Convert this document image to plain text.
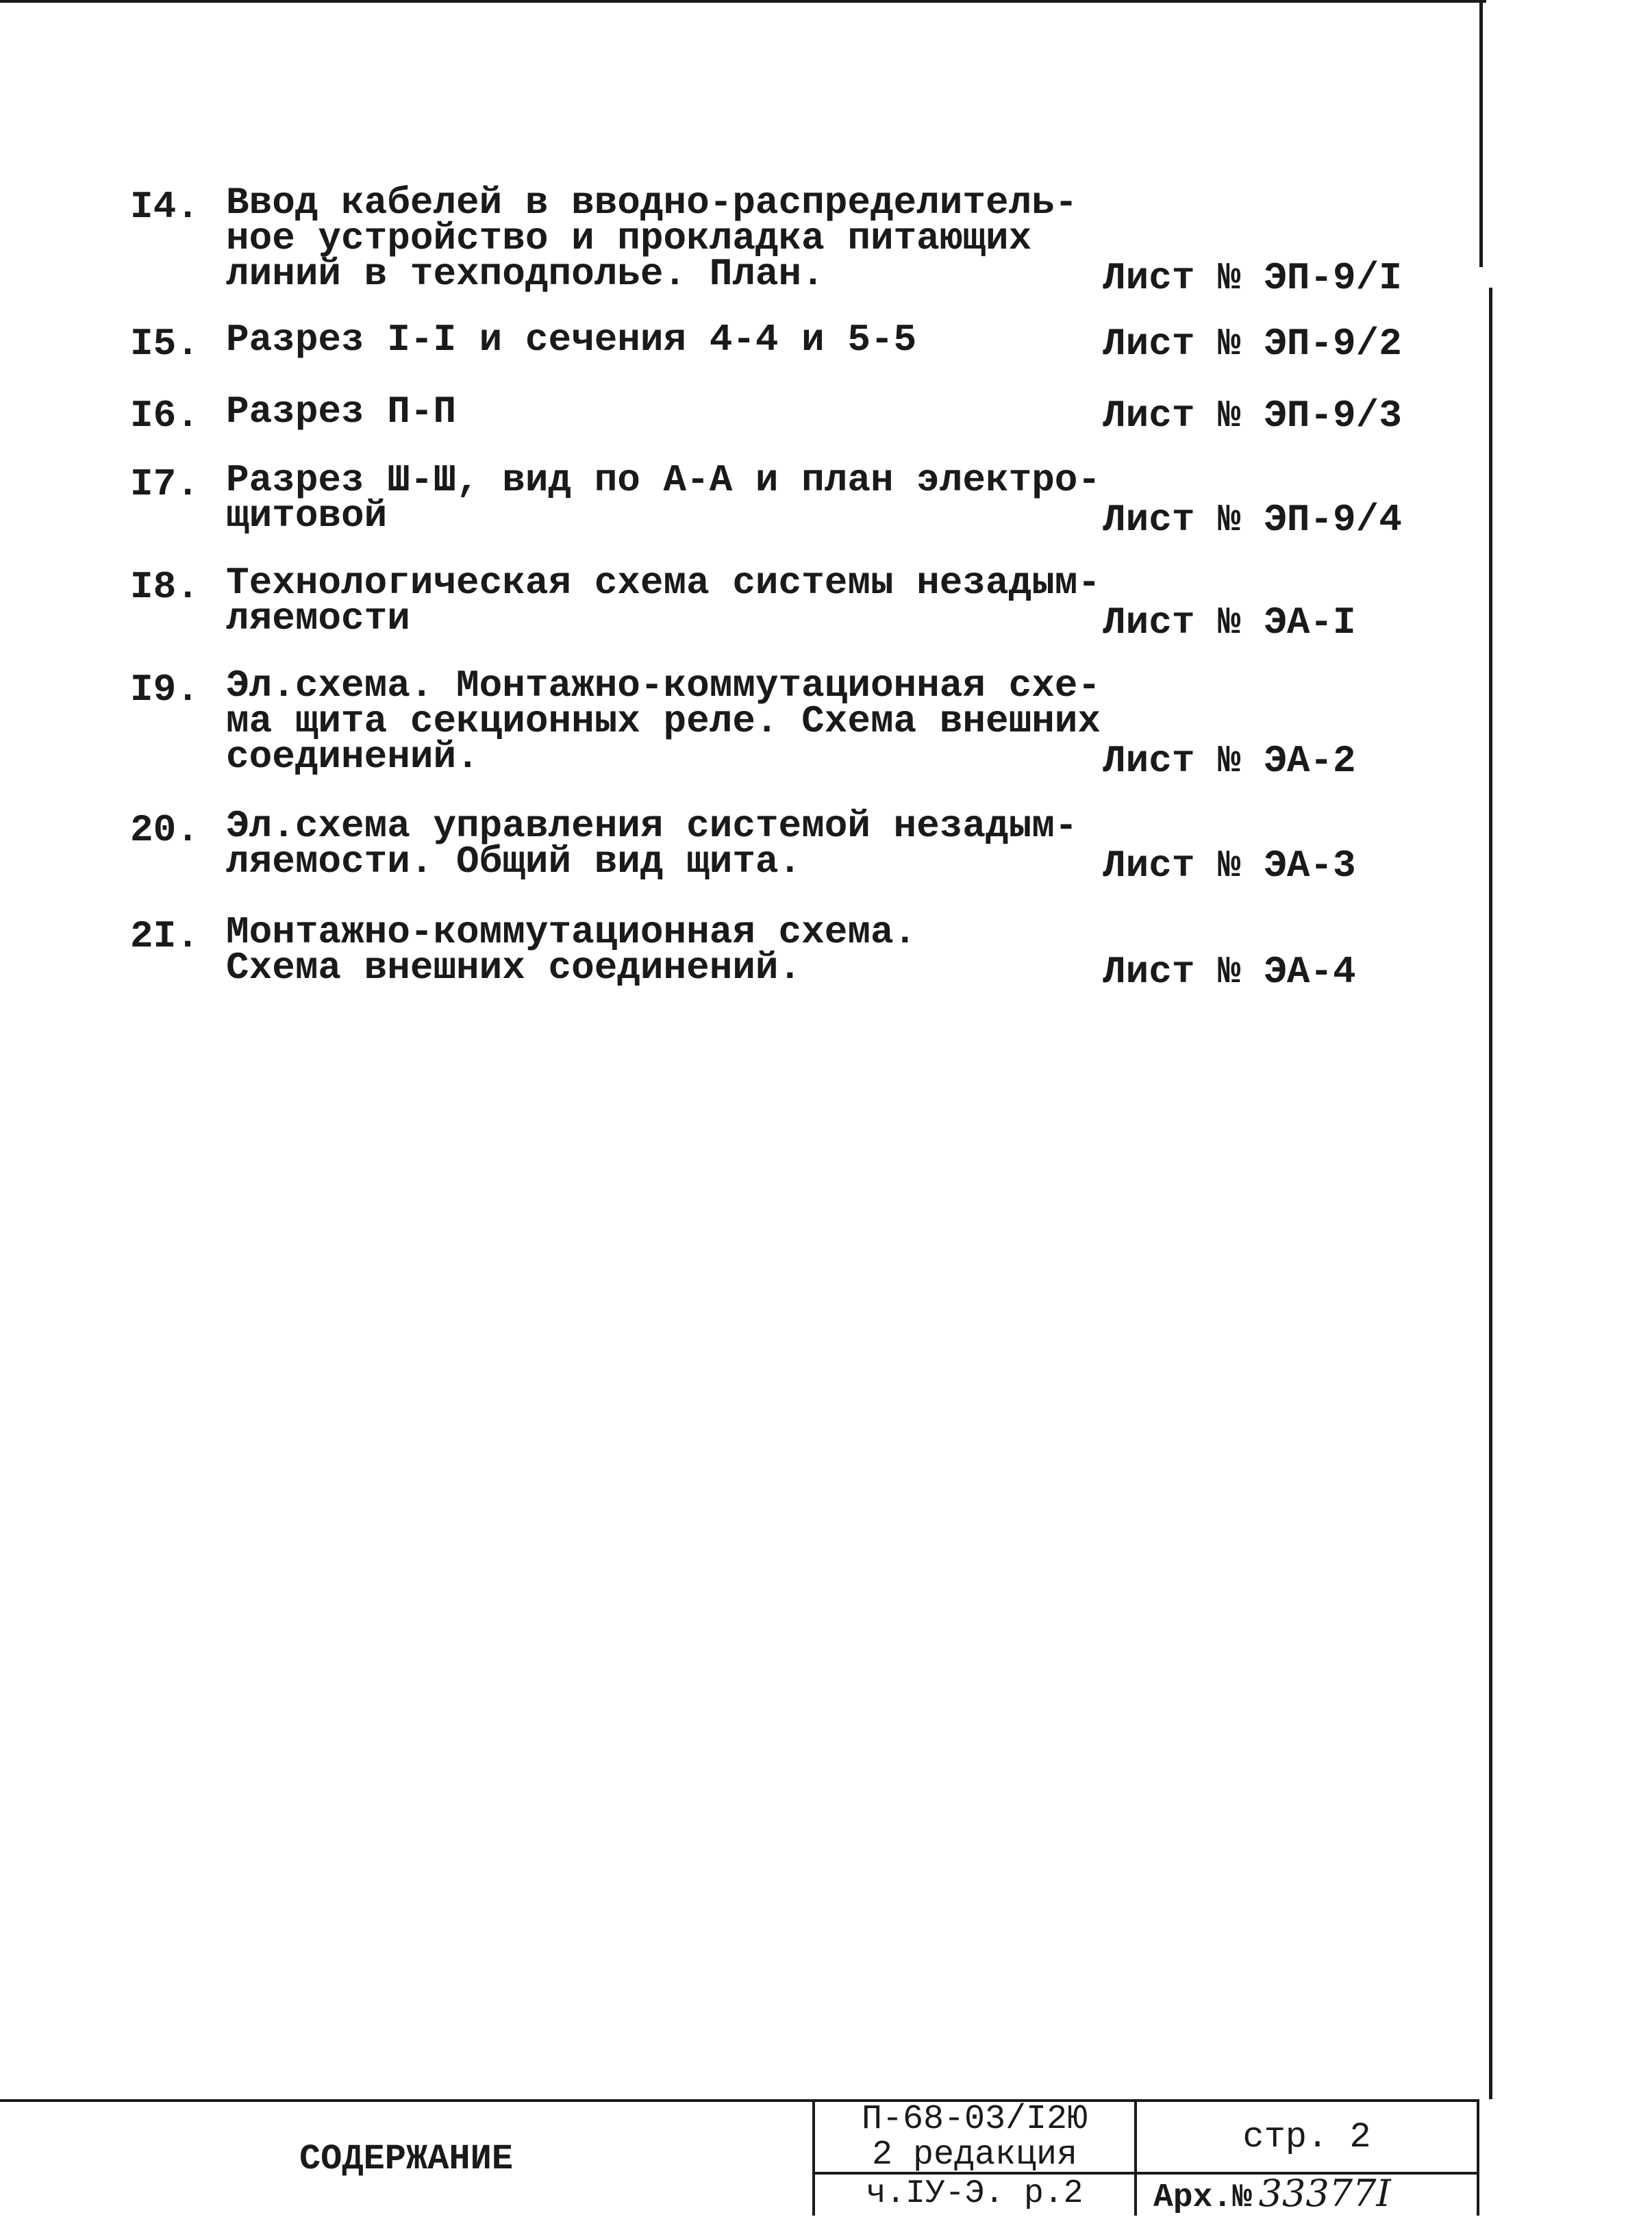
I4. Ввод кабелей в вводно-распределитель-
ное устройство и прокладка питающих
линий в техподполье. План.	Лист № ЭП-9/I
I5. Разрез I-I и сечения 4-4 и 5-5	Лист № ЭП-9/2
I6. Разрез П-П	Лист № ЭП-9/3
I7. Разрез Ш-Ш, вид по А-А и план электро-
щитовой	Лист № ЭП-9/4
I8. Технологическая схема системы незадым-
ляемости	Лист № ЭА-I
I9. Эл.схема. Монтажно-коммутационная схе-
ма щита секционных реле. Схема внешних
соединений.	Лист № ЭА-2
20. Эл.схема управления системой незадым-
ляемости. Общий вид щита.	Лист № ЭА-3
2I. Монтажно-коммутационная схема.
Схема внешних соединений.	Лист № ЭА-4
СОДЕРЖАНИЕ
П-68-03/I2Ю
2 редакция
ч.IУ-Э. р.2
стр. 2
Арх.№ 33377I
